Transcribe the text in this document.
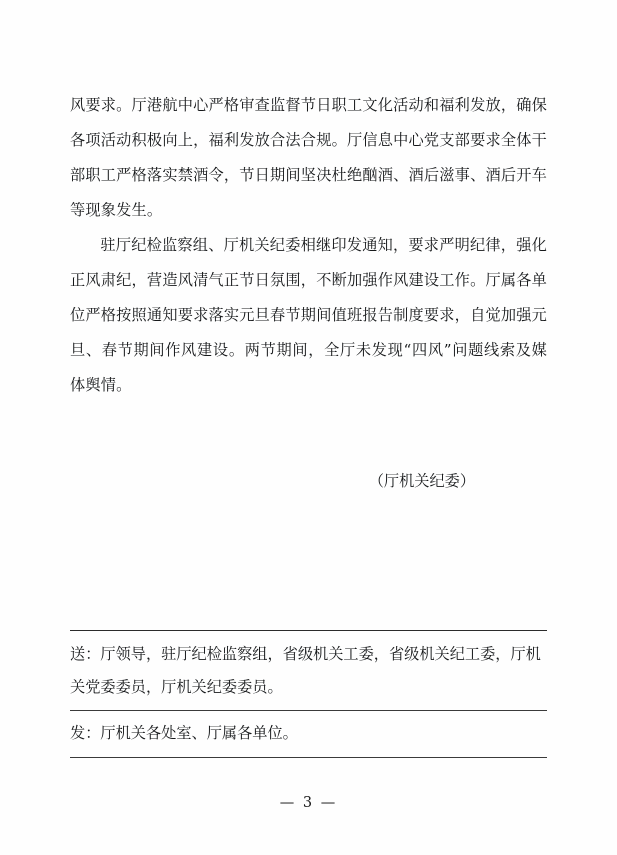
风要求。厅港航中心严格审查监督节日职工文化活动和福利发放，确保各项活动积极向上，福利发放合法合规。厅信息中心党支部要求全体干部职工严格落实禁酒令，节日期间坚决杜绝酗酒、酒后滋事、酒后开车等现象发生。

驻厅纪检监察组、厅机关纪委相继印发通知，要求严明纪律，强化正风肃纪，营造风清气正节日氛围，不断加强作风建设工作。厅属各单位严格按照通知要求落实元旦春节期间值班报告制度要求，自觉加强元旦、春节期间作风建设。两节期间，全厅未发现“四风”问题线索及媒体舆情。

（厅机关纪委）

送：厅领导，驻厅纪检监察组，省级机关工委，省级机关纪工委，厅机关党委委员，厅机关纪委委员。

发：厅机关各处室、厅属各单位。

— 3 —
